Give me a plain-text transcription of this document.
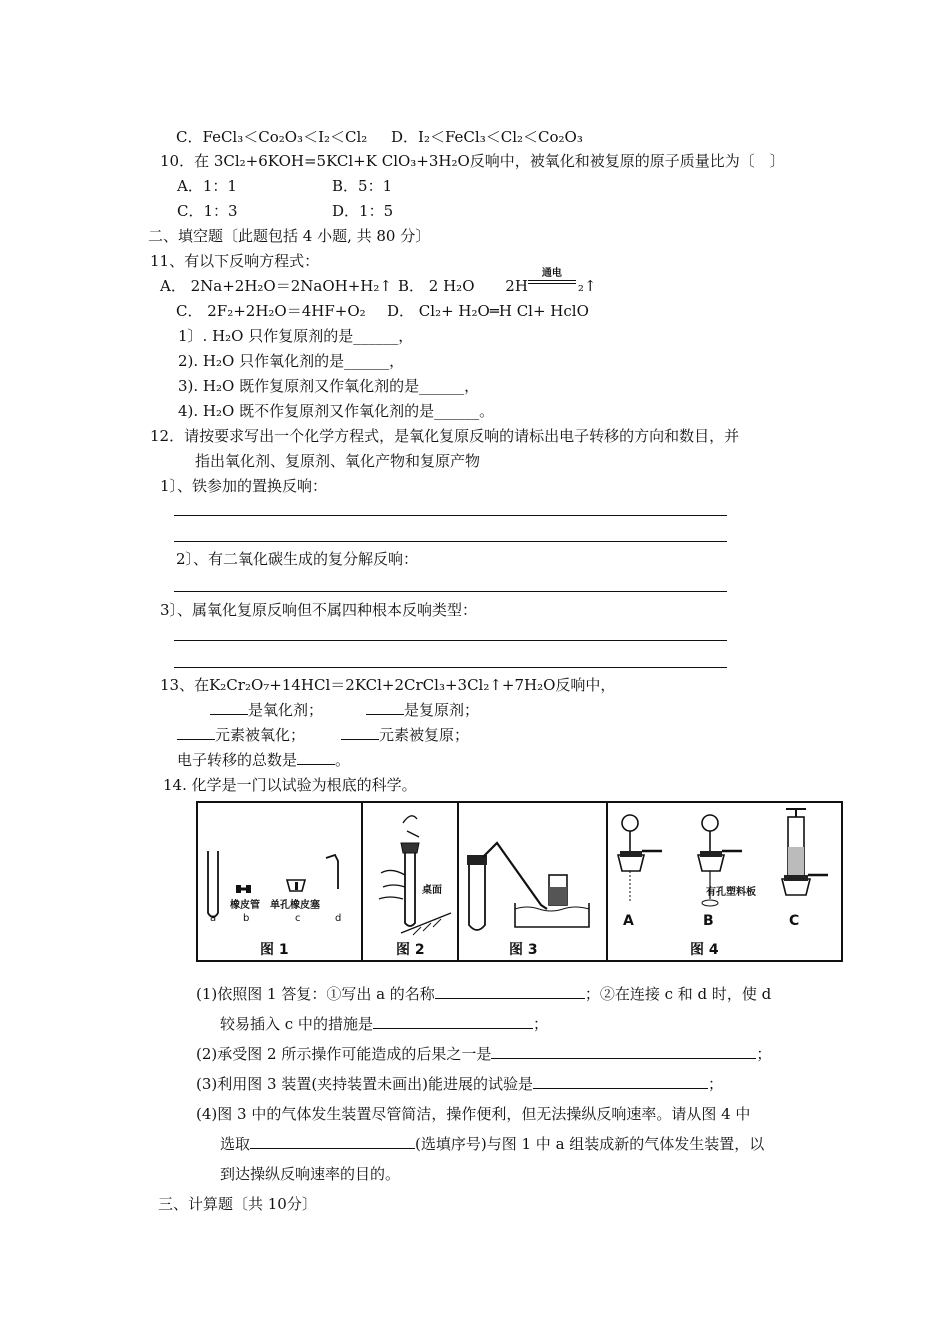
C．FeCl₃＜Co₂O₃＜I₂＜Cl₂ D．I₂＜FeCl₃＜Cl₂＜Co₂O₃
10．在 3Cl₂+6KOH=5KCl+K ClO₃+3H₂O反响中，被氧化和被复原的原子质量比为〔　〕
A．1：1	B．5：1
C．1：3	D．1：5
二、填空题〔此题包括 4 小题, 共 80 分〕
11、有以下反响方程式：
A． 2Na+2H₂O＝2NaOH+H₂↑ B． 2 H₂O 2H
通电
₂↑
C． 2F₂+2H₂O＝4HF+O₂ D． Cl₂+ H₂O═H Cl+ HclO
1〕. H₂O 只作复原剂的是______，
2). H₂O 只作氧化剂的是______，
3). H₂O 既作复原剂又作氧化剂的是______，
4). H₂O 既不作复原剂又作氧化剂的是______。
12．请按要求写出一个化学方程式，是氧化复原反响的请标出电子转移的方向和数目，并
指出氧化剂、复原剂、氧化产物和复原产物
1〕、铁参加的置换反响：
2〕、有二氧化碳生成的复分解反响：
3〕、属氧化复原反响但不属四种根本反响类型：
13、在K₂Cr₂O₇+14HCl＝2KCl+2CrCl₃+3Cl₂↑+7H₂O反响中，
是氧化剂；	是复原剂；
元素被氧化；	元素被复原；
电子转移的总数是	。
14. 化学是一门以试验为根底的科学。
橡皮管 单孔橡皮塞
a	b	c	d
图 1
桌面
图 2	图 3
有孔塑料板
A	B	C
图 4
(1)依照图 1 答复：①写出 a 的名称	；②在连接 c 和 d 时，使 d
较易插入 c 中的措施是	；
(2)承受图 2 所示操作可能造成的后果之一是	；
(3)利用图 3 装置(夹持装置未画出)能进展的试验是	；
(4)图 3 中的气体发生装置尽管简洁，操作便利，但无法操纵反响速率。请从图 4 中
选取	(选填序号)与图 1 中 a 组装成新的气体发生装置，以
到达操纵反响速率的目的。
三、计算题〔共 10分〕
